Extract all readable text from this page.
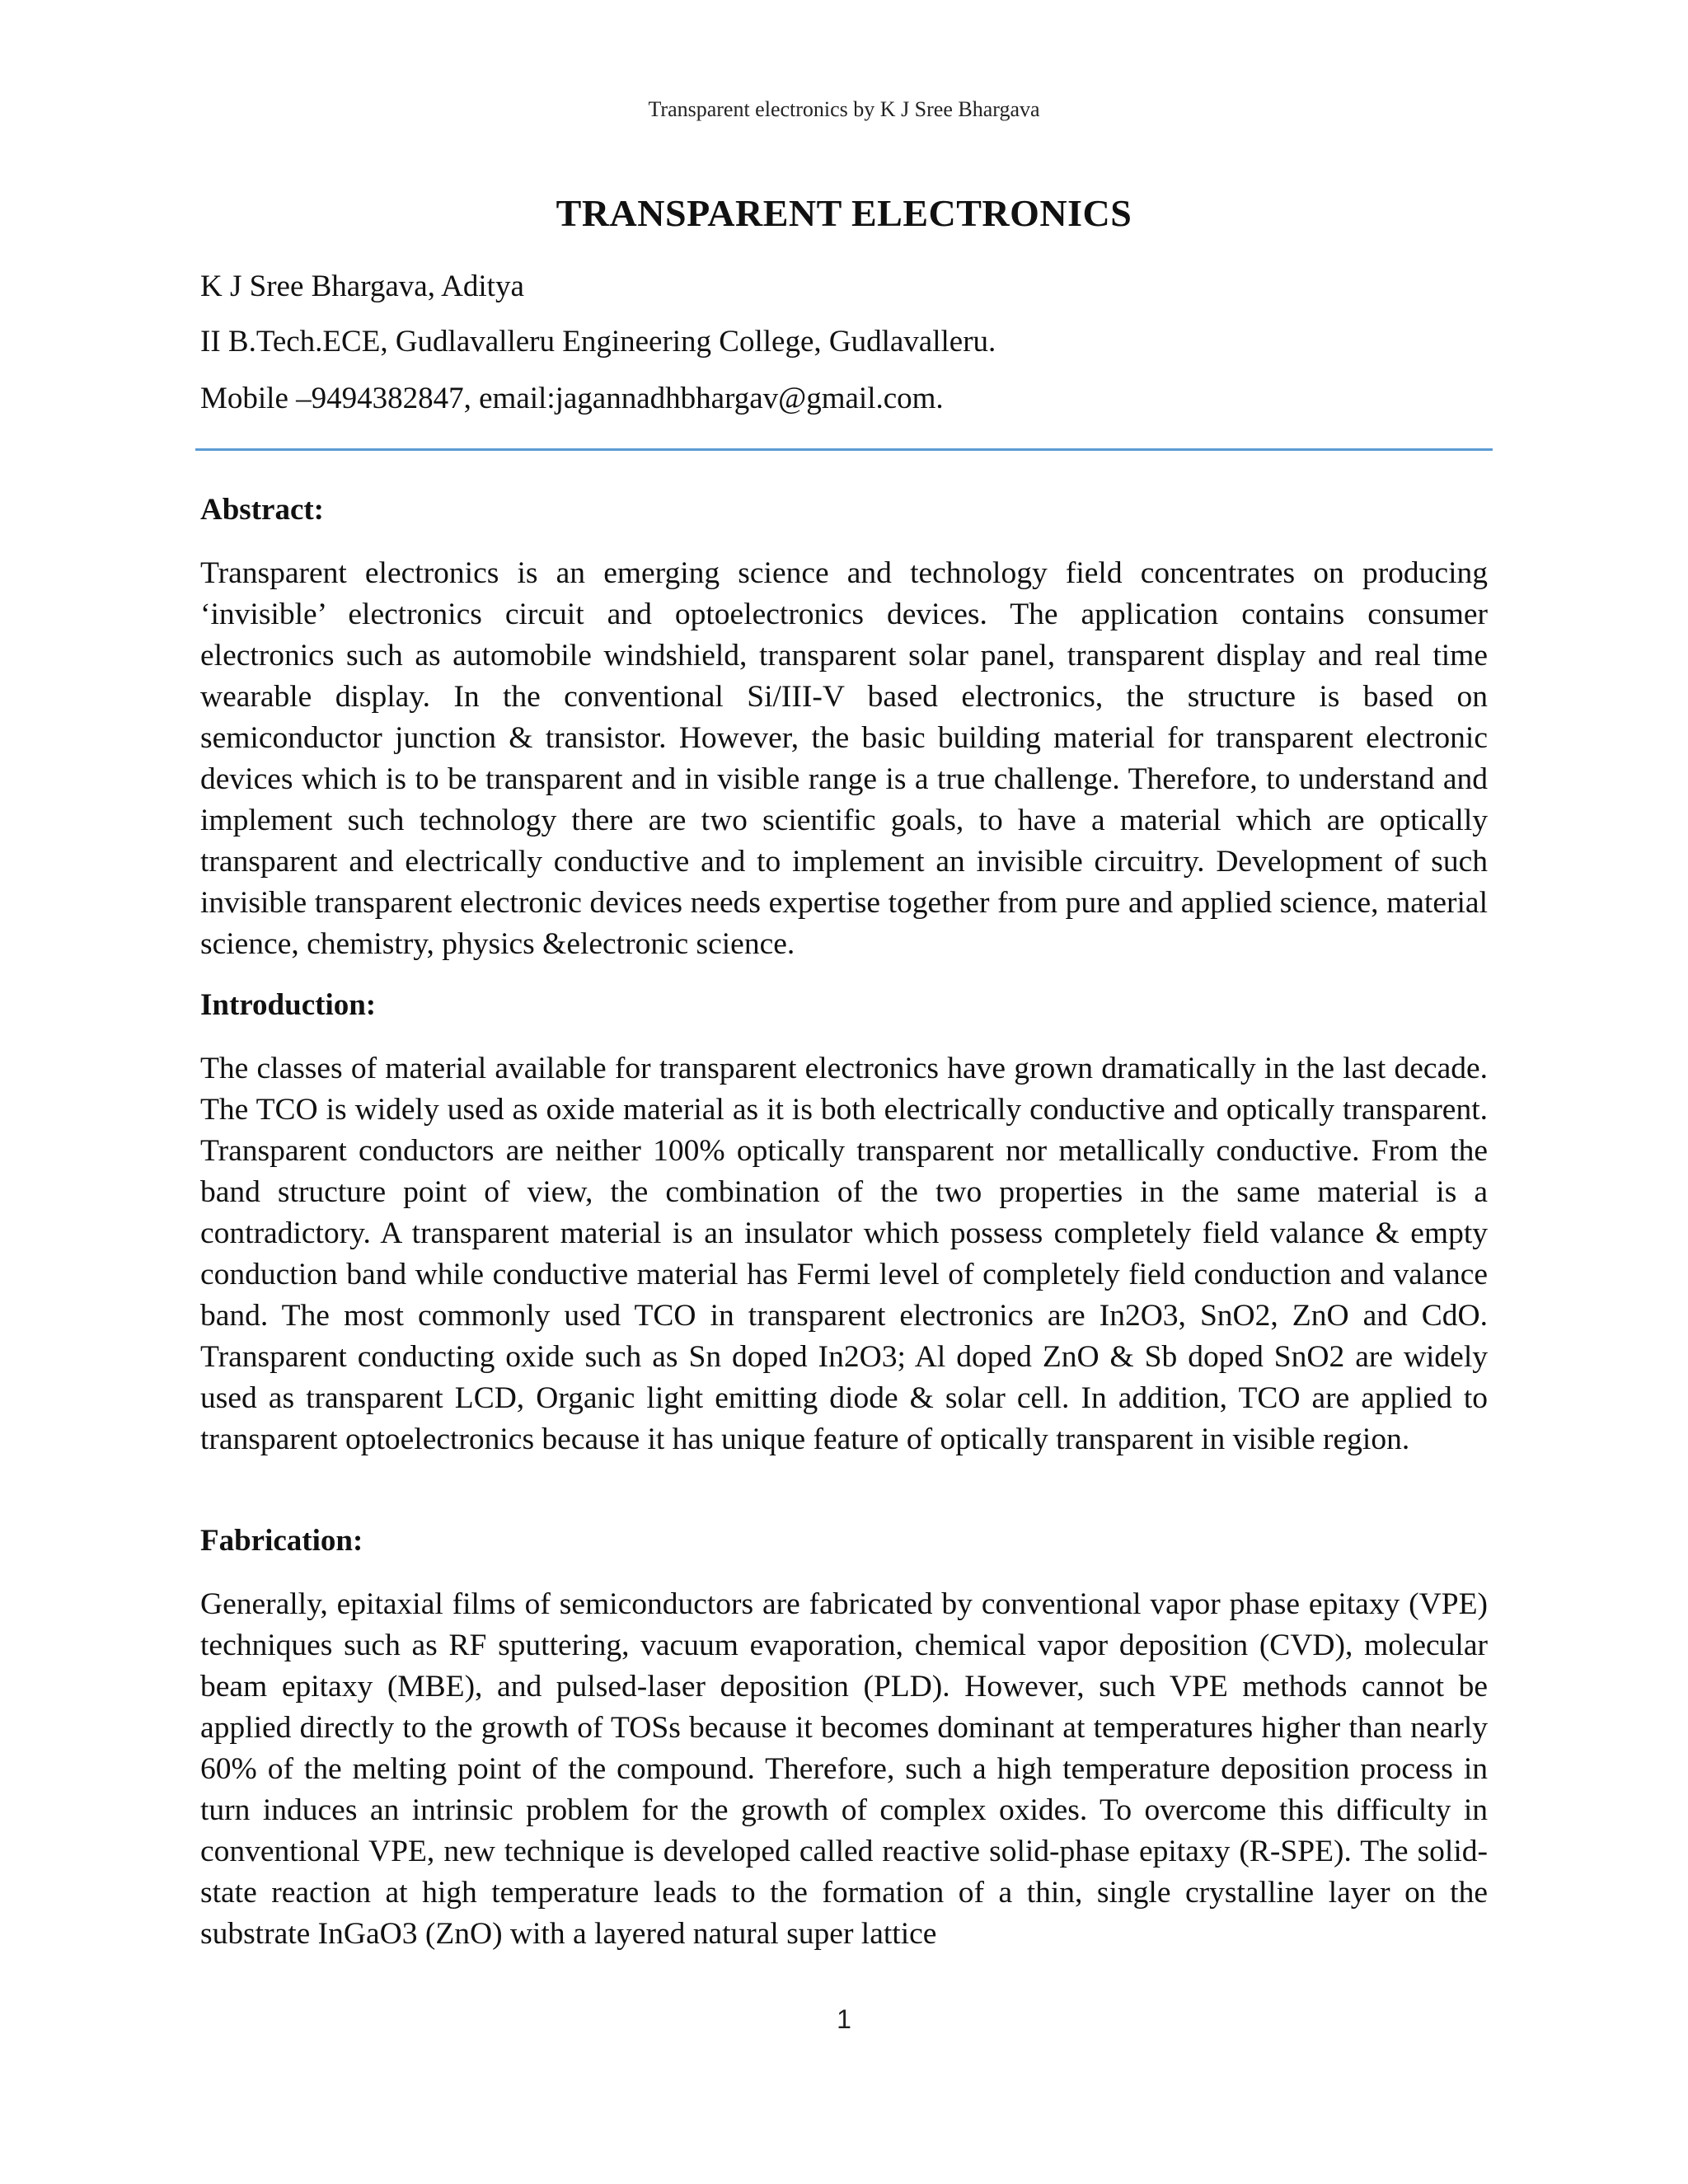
Transparent electronics by K J Sree Bhargava
TRANSPARENT ELECTRONICS
K J Sree Bhargava, Aditya
II B.Tech.ECE, Gudlavalleru Engineering College, Gudlavalleru.
Mobile –9494382847, email:jagannadhbhargav@gmail.com.
Abstract:

Transparent electronics is an emerging science and technology field concentrates on producing ‘invisible’ electronics circuit and optoelectronics devices. The application contains consumer electronics such as automobile windshield, transparent solar panel, transparent display and real time wearable display. In the conventional Si/III-V based electronics, the structure is based on semiconductor junction & transistor. However, the basic building material for transparent electronic devices which is to be transparent and in visible range is a true challenge. Therefore, to understand and implement such technology there are two scientific goals, to have a material which are optically transparent and electrically conductive and to implement an invisible circuitry. Development of such invisible transparent electronic devices needs expertise together from pure and applied science, material science, chemistry, physics &electronic science.

Introduction:

The classes of material available for transparent electronics have grown dramatically in the last decade. The TCO is widely used as oxide material as it is both electrically conductive and optically transparent. Transparent conductors are neither 100% optically transparent nor metallically conductive. From the band structure point of view, the combination of the two properties in the same material is a contradictory. A transparent material is an insulator which possess completely field valance & empty conduction band while conductive material has Fermi level of completely field conduction and valance band. The most commonly used TCO in transparent electronics are In2O3, SnO2, ZnO and CdO. Transparent conducting oxide such as Sn doped In2O3; Al doped ZnO & Sb doped SnO2 are widely used as transparent LCD, Organic light emitting diode & solar cell. In addition, TCO are applied to transparent optoelectronics because it has unique feature of optically transparent in visible region.

Fabrication:

Generally, epitaxial films of semiconductors are fabricated by conventional vapor phase epitaxy (VPE) techniques such as RF sputtering, vacuum evaporation, chemical vapor deposition (CVD), molecular beam epitaxy (MBE), and pulsed-laser deposition (PLD). However, such VPE methods cannot be applied directly to the growth of TOSs because it becomes dominant at temperatures higher than nearly 60% of the melting point of the compound. Therefore, such a high temperature deposition process in turn induces an intrinsic problem for the growth of complex oxides. To overcome this difficulty in conventional VPE, new technique is developed called reactive solid-phase epitaxy (R-SPE). The solid-state reaction at high temperature leads to the formation of a thin, single crystalline layer on the substrate InGaO3 (ZnO) with a layered natural super lattice

1
